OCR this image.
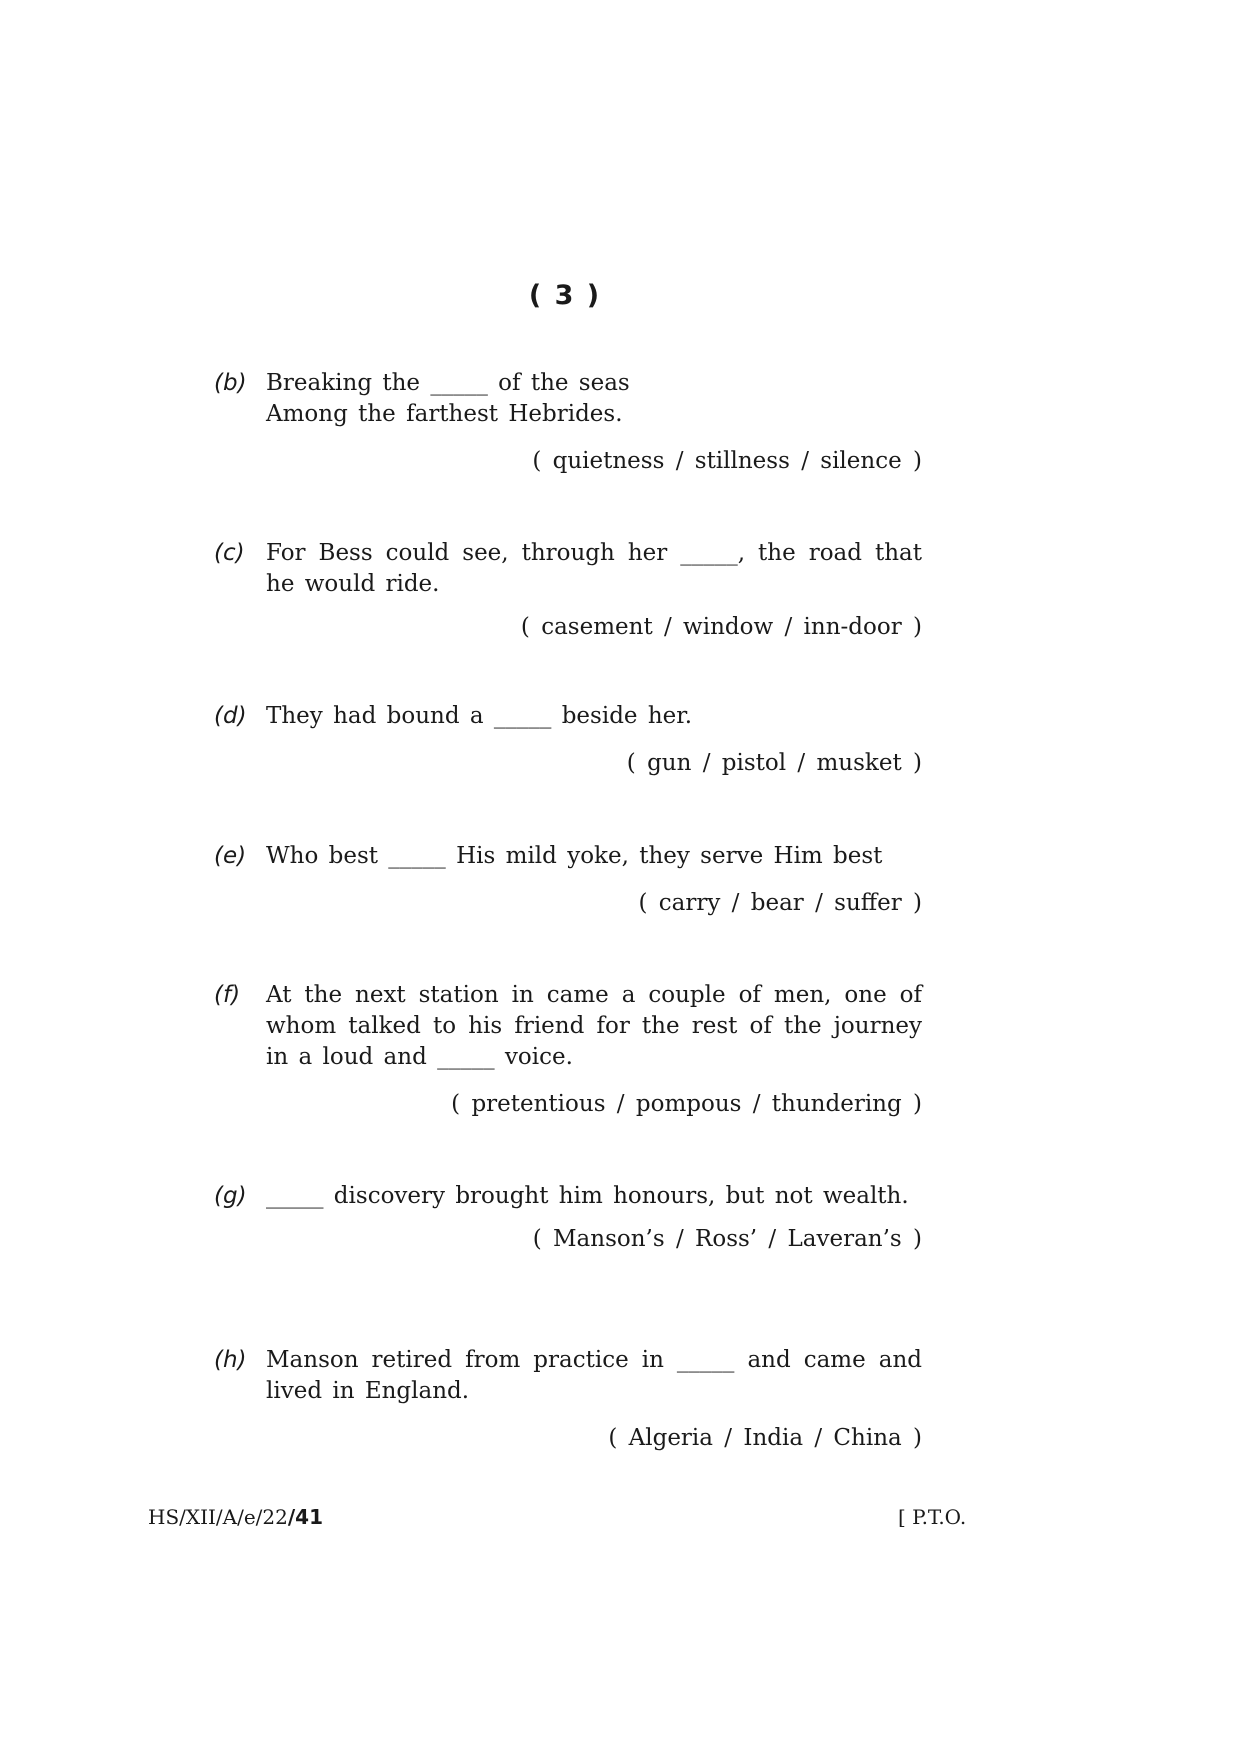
( 3 )
(b) Breaking the _____ of the seas
Among the farthest Hebrides.
( quietness / stillness / silence )
(c) For Bess could see, through her _____, the road that he would ride.
( casement / window / inn-door )
(d) They had bound a _____ beside her.
( gun / pistol / musket )
(e) Who best _____ His mild yoke, they serve Him best
( carry / bear / suffer )
(f) At the next station in came a couple of men, one of whom talked to his friend for the rest of the journey in a loud and _____ voice.
( pretentious / pompous / thundering )
(g) _____ discovery brought him honours, but not wealth.
( Manson’s / Ross’ / Laveran’s )
(h) Manson retired from practice in _____ and came and lived in England.
( Algeria / India / China )
HS/XII/A/e/22/41	[ P.T.O.
